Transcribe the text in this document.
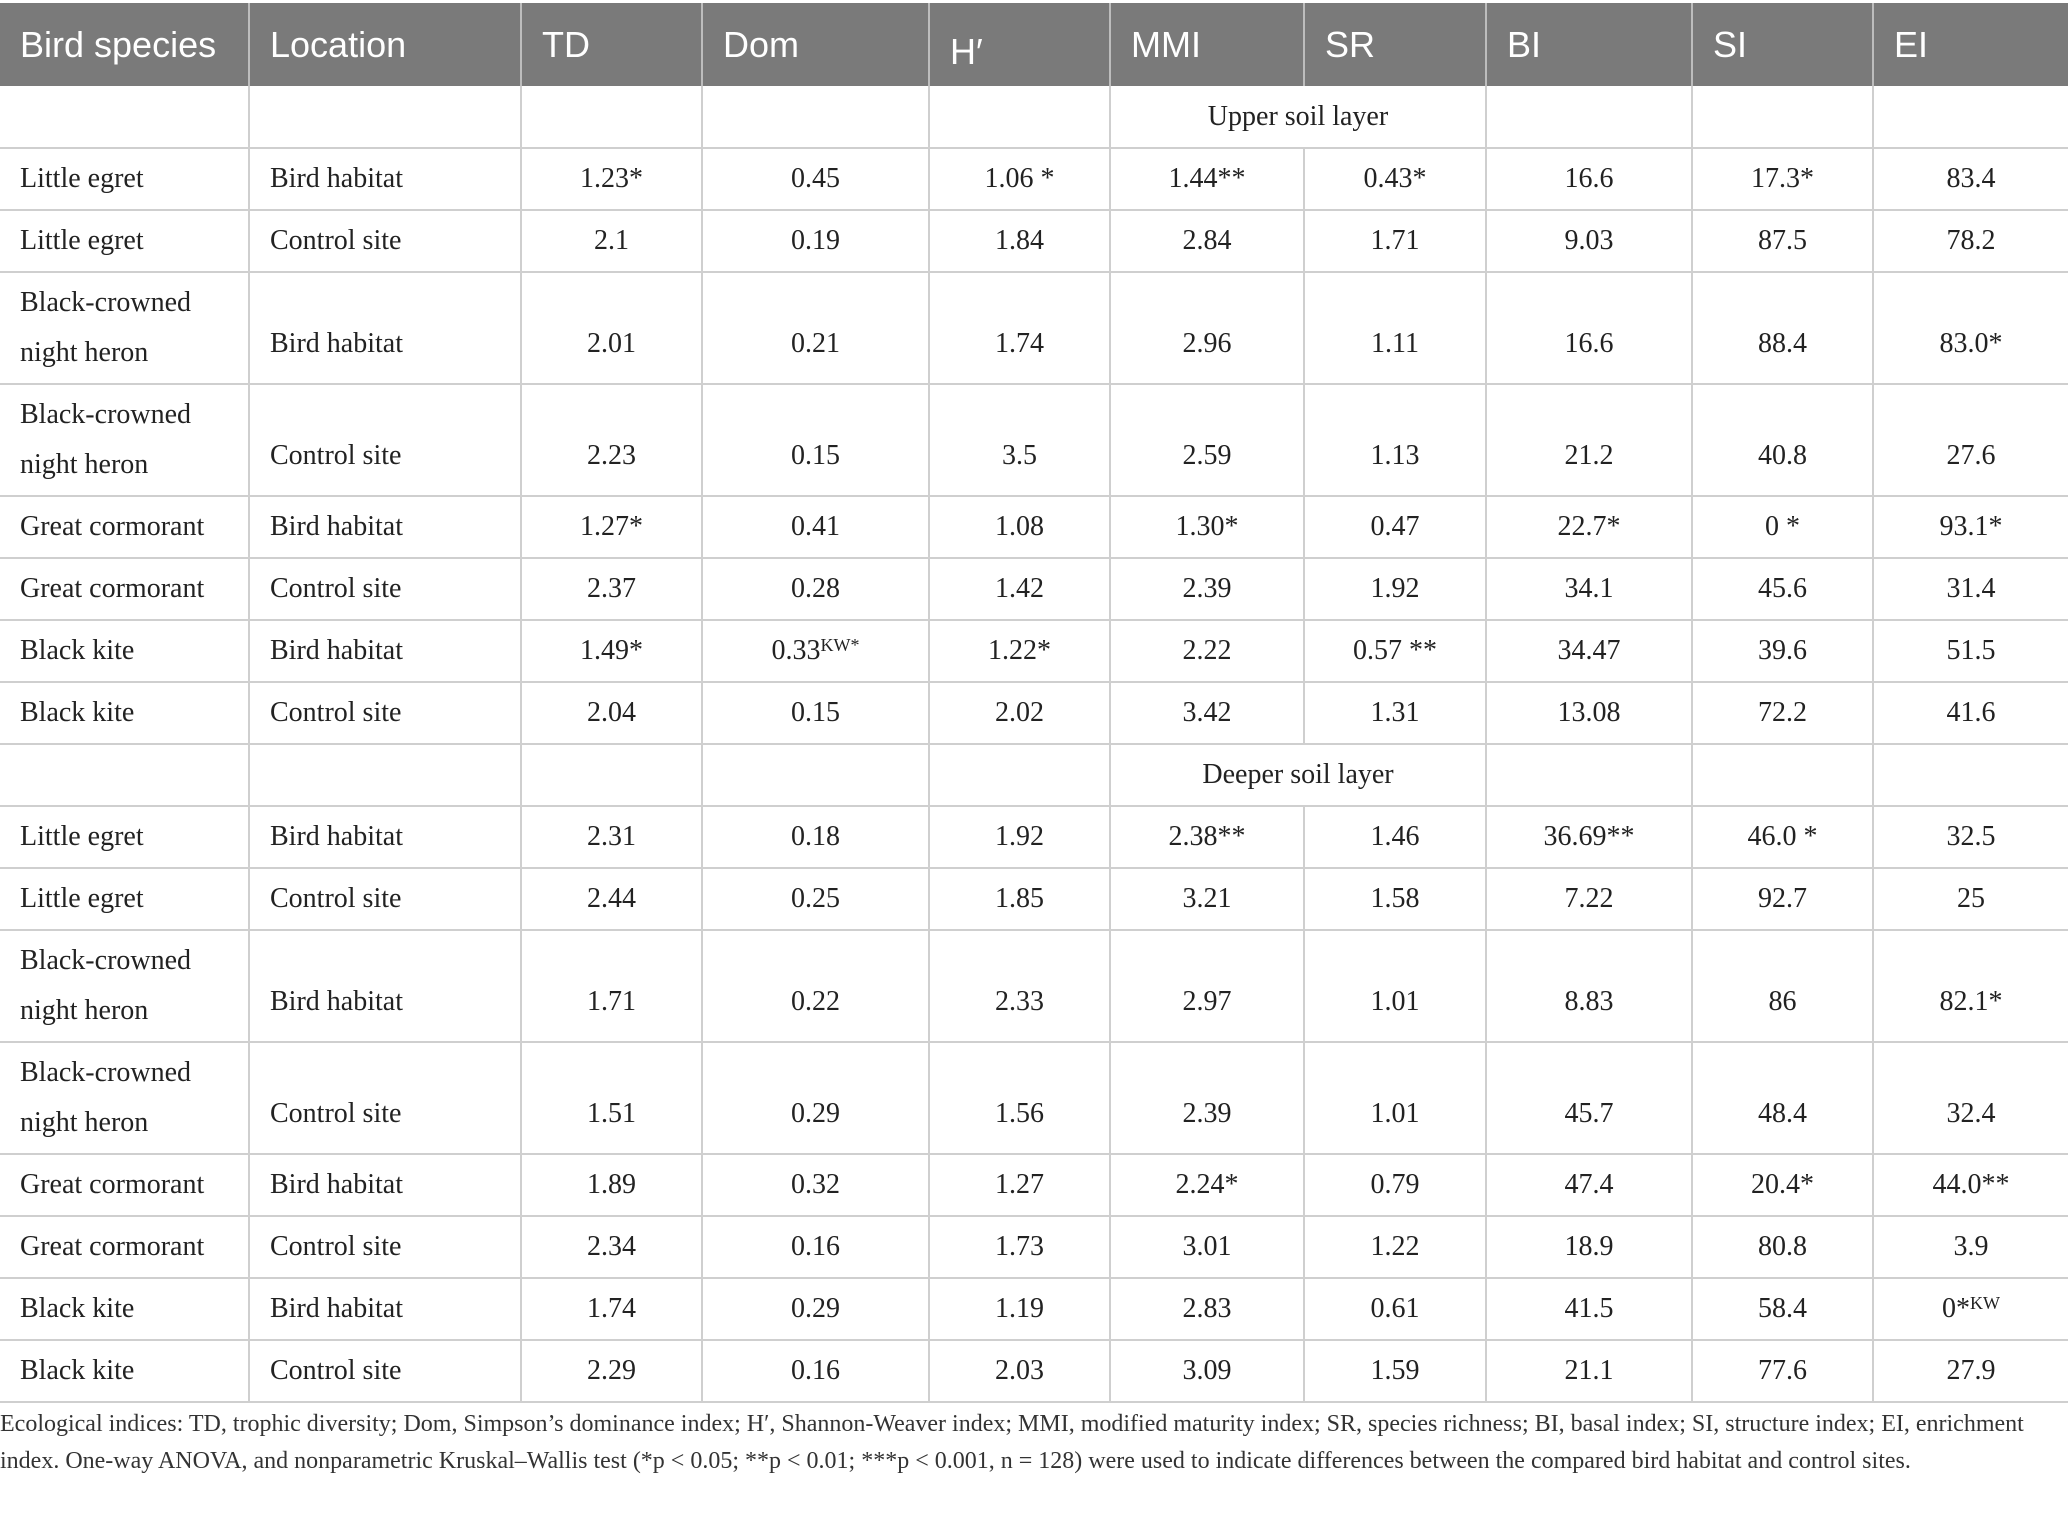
Bird species	Location	TD	Dom	H′	MMI	SR	BI	SI	EI
					Upper soil layer				
Little egret	Bird habitat	1.23*	0.45	1.06 *	1.44**	0.43*	16.6	17.3*	83.4
Little egret	Control site	2.1	0.19	1.84	2.84	1.71	9.03	87.5	78.2
Black-crowned night heron	Bird habitat	2.01	0.21	1.74	2.96	1.11	16.6	88.4	83.0*
Black-crowned night heron	Control site	2.23	0.15	3.5	2.59	1.13	21.2	40.8	27.6
Great cormorant	Bird habitat	1.27*	0.41	1.08	1.30*	0.47	22.7*	0 *	93.1*
Great cormorant	Control site	2.37	0.28	1.42	2.39	1.92	34.1	45.6	31.4
Black kite	Bird habitat	1.49*	$0.33^{KW*}$	1.22*	2.22	0.57 **	34.47	39.6	51.5
Black kite	Control site	2.04	0.15	2.02	3.42	1.31	13.08	72.2	41.6
					Deeper soil layer				
Little egret	Bird habitat	2.31	0.18	1.92	2.38**	1.46	36.69**	46.0 *	32.5
Little egret	Control site	2.44	0.25	1.85	3.21	1.58	7.22	92.7	25
Black-crowned night heron	Bird habitat	1.71	0.22	2.33	2.97	1.01	8.83	86	82.1*
Black-crowned night heron	Control site	1.51	0.29	1.56	2.39	1.01	45.7	48.4	32.4
Great cormorant	Bird habitat	1.89	0.32	1.27	2.24*	0.79	47.4	20.4*	44.0**
Great cormorant	Control site	2.34	0.16	1.73	3.01	1.22	18.9	80.8	3.9
Black kite	Bird habitat	1.74	0.29	1.19	2.83	0.61	41.5	58.4	0*$^{KW}$
Black kite	Control site	2.29	0.16	2.03	3.09	1.59	21.1	77.6	27.9
Ecological indices: TD, trophic diversity; Dom, Simpson’s dominance index; H′, Shannon-Weaver index; MMI, modified maturity index; SR, species richness; BI, basal index; SI, structure index; EI, enrichment index. One-way ANOVA, and nonparametric Kruskal–Wallis test (*p < 0.05; **p < 0.01; ***p < 0.001, n = 128) were used to indicate differences between the compared bird habitat and control sites.
